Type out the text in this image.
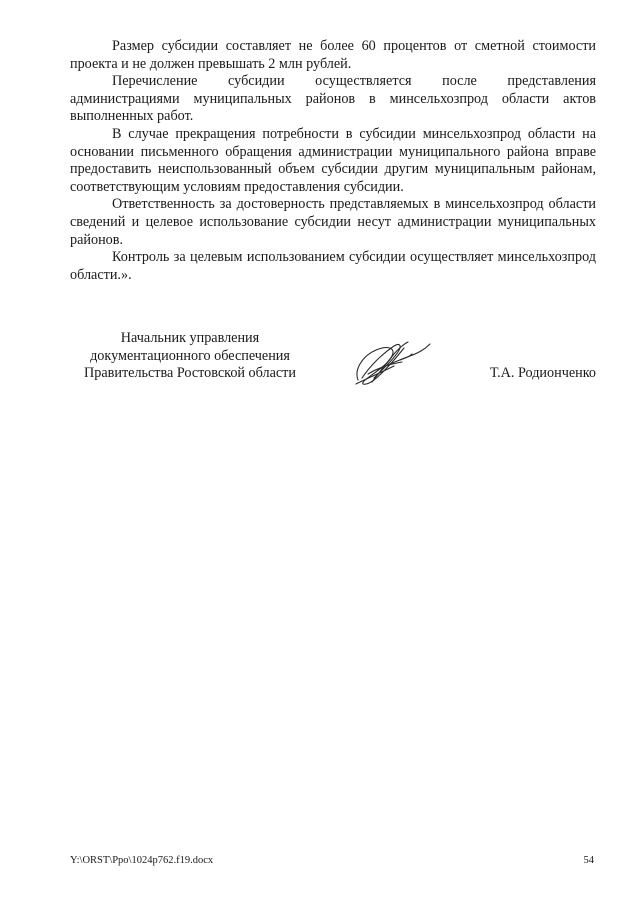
Размер субсидии составляет не более 60 процентов от сметной стоимости проекта и не должен превышать 2 млн рублей.

Перечисление субсидии осуществляется после представления администрациями муниципальных районов в минсельхозпрод области актов выполненных работ.

В случае прекращения потребности в субсидии минсельхозпрод области на основании письменного обращения администрации муниципального района вправе предоставить неиспользованный объем субсидии другим муниципальным районам, соответствующим условиям предоставления субсидии.

Ответственность за достоверность представляемых в минсельхозпрод области сведений и целевое использование субсидии несут администрации муниципальных районов.

Контроль за целевым использованием субсидии осуществляет минсельхозпрод области.».

Начальник управления
документационного обеспечения
Правительства Ростовской области	Т.А. Родионченко
Y:\ORST\Ppo\1024p762.f19.docx	54
